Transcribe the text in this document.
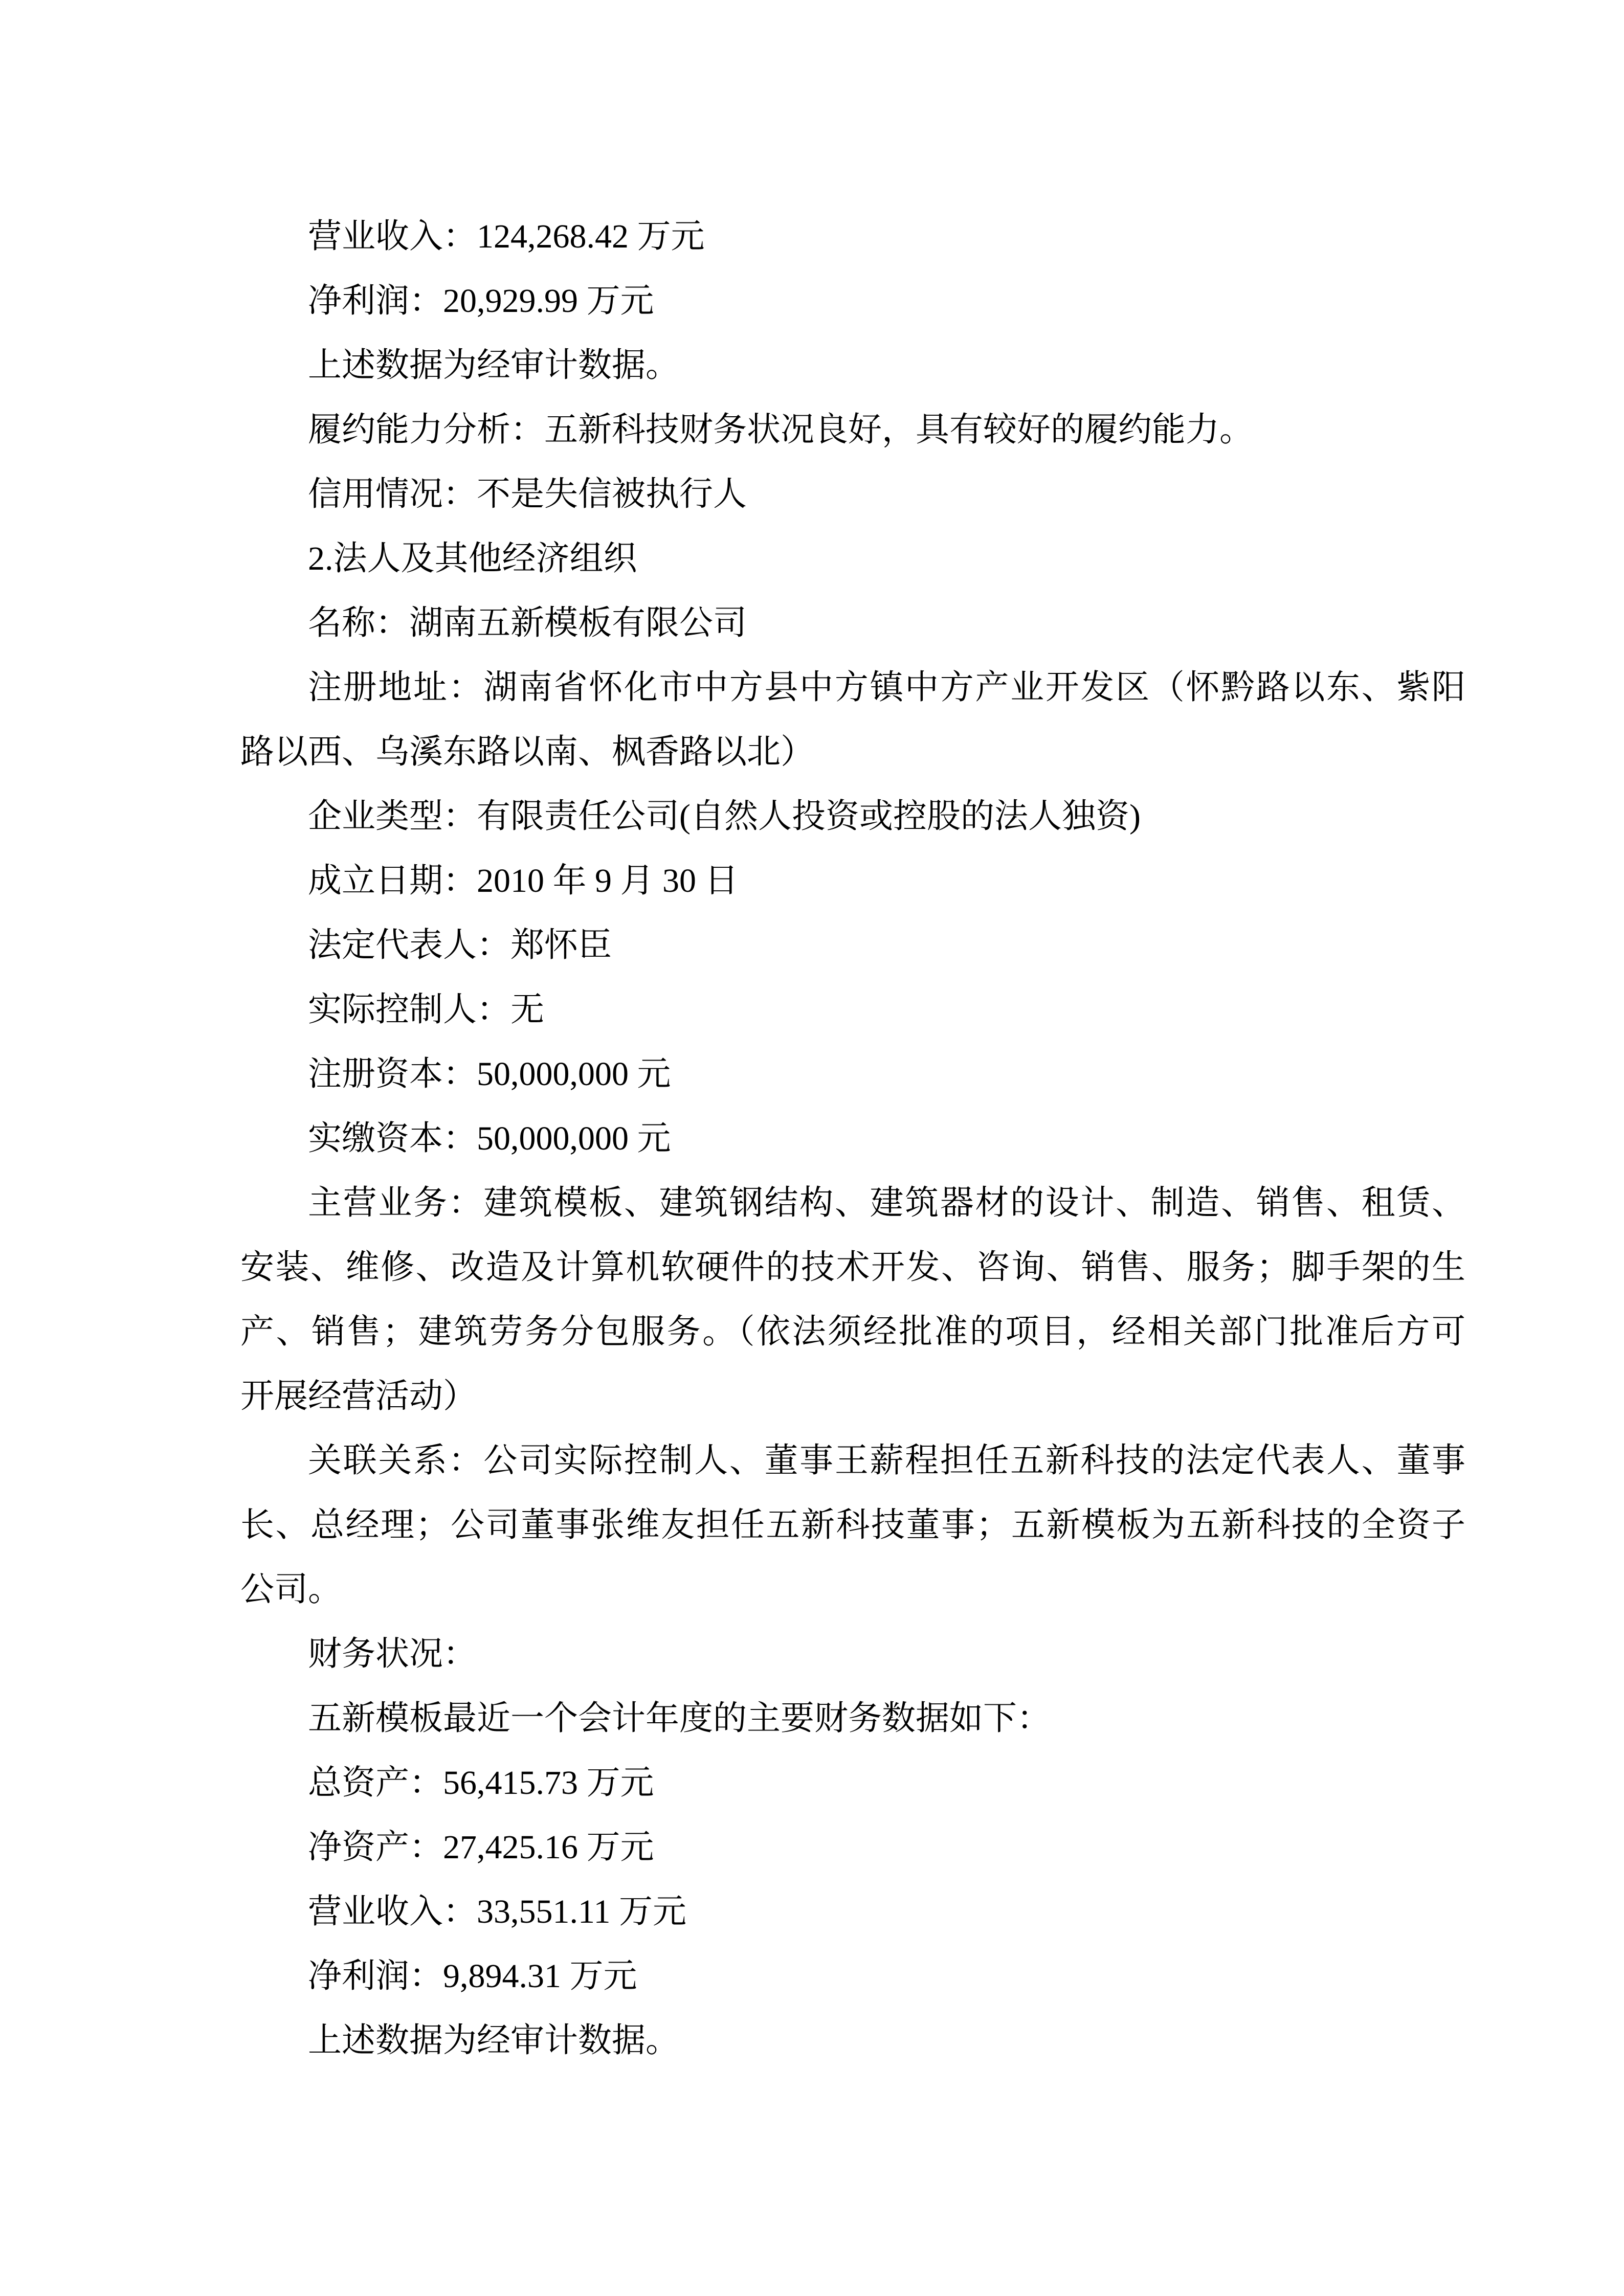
营业收入：124,268.42 万元
净利润：20,929.99 万元
上述数据为经审计数据。
履约能力分析：五新科技财务状况良好，具有较好的履约能力。
信用情况：不是失信被执行人
2.法人及其他经济组织
名称：湖南五新模板有限公司
注册地址：湖南省怀化市中方县中方镇中方产业开发区（怀黔路以东、紫阳
路以西、乌溪东路以南、枫香路以北）
企业类型：有限责任公司(自然人投资或控股的法人独资)
成立日期：2010 年 9 月 30 日
法定代表人：郑怀臣
实际控制人：无
注册资本：50,000,000 元
实缴资本：50,000,000 元
主营业务：建筑模板、建筑钢结构、建筑器材的设计、制造、销售、租赁、
安装、维修、改造及计算机软硬件的技术开发、咨询、销售、服务；脚手架的生
产、销售；建筑劳务分包服务。（依法须经批准的项目，经相关部门批准后方可
开展经营活动）
关联关系：公司实际控制人、董事王薪程担任五新科技的法定代表人、董事
长、总经理；公司董事张维友担任五新科技董事；五新模板为五新科技的全资子
公司。
财务状况：
五新模板最近一个会计年度的主要财务数据如下：
总资产：56,415.73 万元
净资产：27,425.16 万元
营业收入：33,551.11 万元
净利润：9,894.31 万元
上述数据为经审计数据。
